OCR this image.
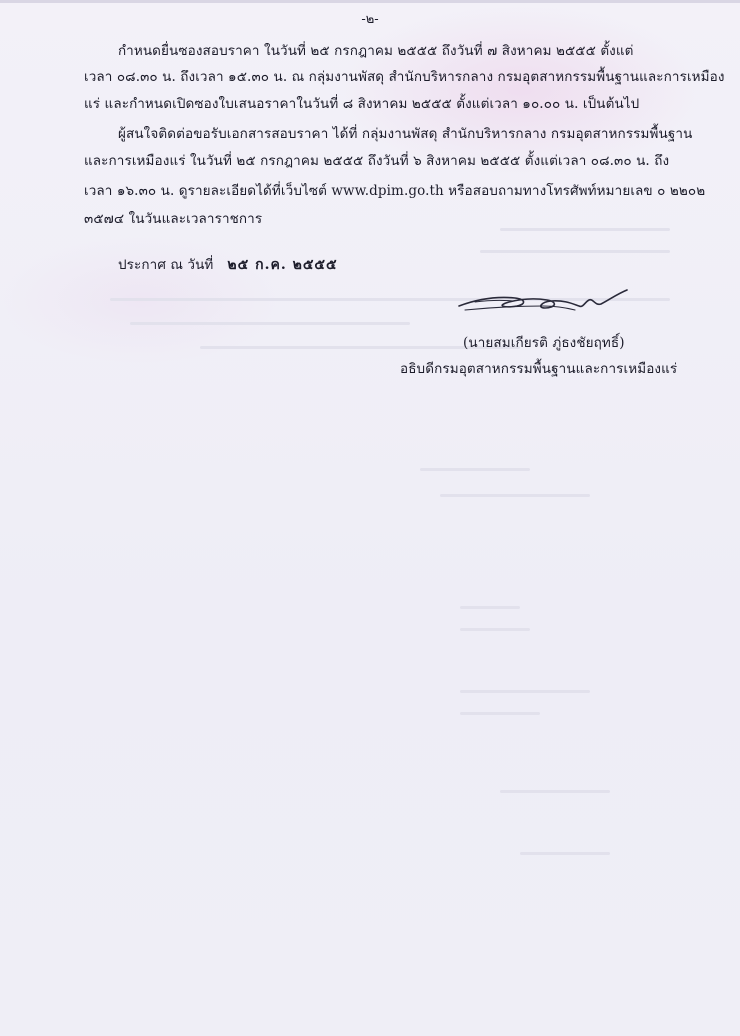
-๒-
กำหนดยื่นซองสอบราคา ในวันที่ ๒๕ กรกฎาคม ๒๕๕๕ ถึงวันที่ ๗ สิงหาคม ๒๕๕๕ ตั้งแต่
เวลา ๐๘.๓๐ น. ถึงเวลา ๑๕.๓๐ น. ณ กลุ่มงานพัสดุ สำนักบริหารกลาง กรมอุตสาหกรรมพื้นฐานและการเหมือง
แร่ และกำหนดเปิดซองใบเสนอราคาในวันที่ ๘ สิงหาคม ๒๕๕๕ ตั้งแต่เวลา ๑๐.๐๐ น. เป็นต้นไป
ผู้สนใจติดต่อขอรับเอกสารสอบราคา ได้ที่ กลุ่มงานพัสดุ สำนักบริหารกลาง กรมอุตสาหกรรมพื้นฐาน
และการเหมืองแร่ ในวันที่ ๒๕ กรกฎาคม ๒๕๕๕ ถึงวันที่ ๖ สิงหาคม ๒๕๕๕ ตั้งแต่เวลา ๐๘.๓๐ น. ถึง
เวลา ๑๖.๓๐ น. ดูรายละเอียดได้ที่เว็บไซต์ www.dpim.go.th หรือสอบถามทางโทรศัพท์หมายเลข ๐ ๒๒๐๒
๓๕๗๔ ในวันและเวลาราชการ
ประกาศ ณ วันที่ ๒๕ ก.ค. ๒๕๕๕
(นายสมเกียรติ ภู่ธงชัยฤทธิ์)
อธิบดีกรมอุตสาหกรรมพื้นฐานและการเหมืองแร่
